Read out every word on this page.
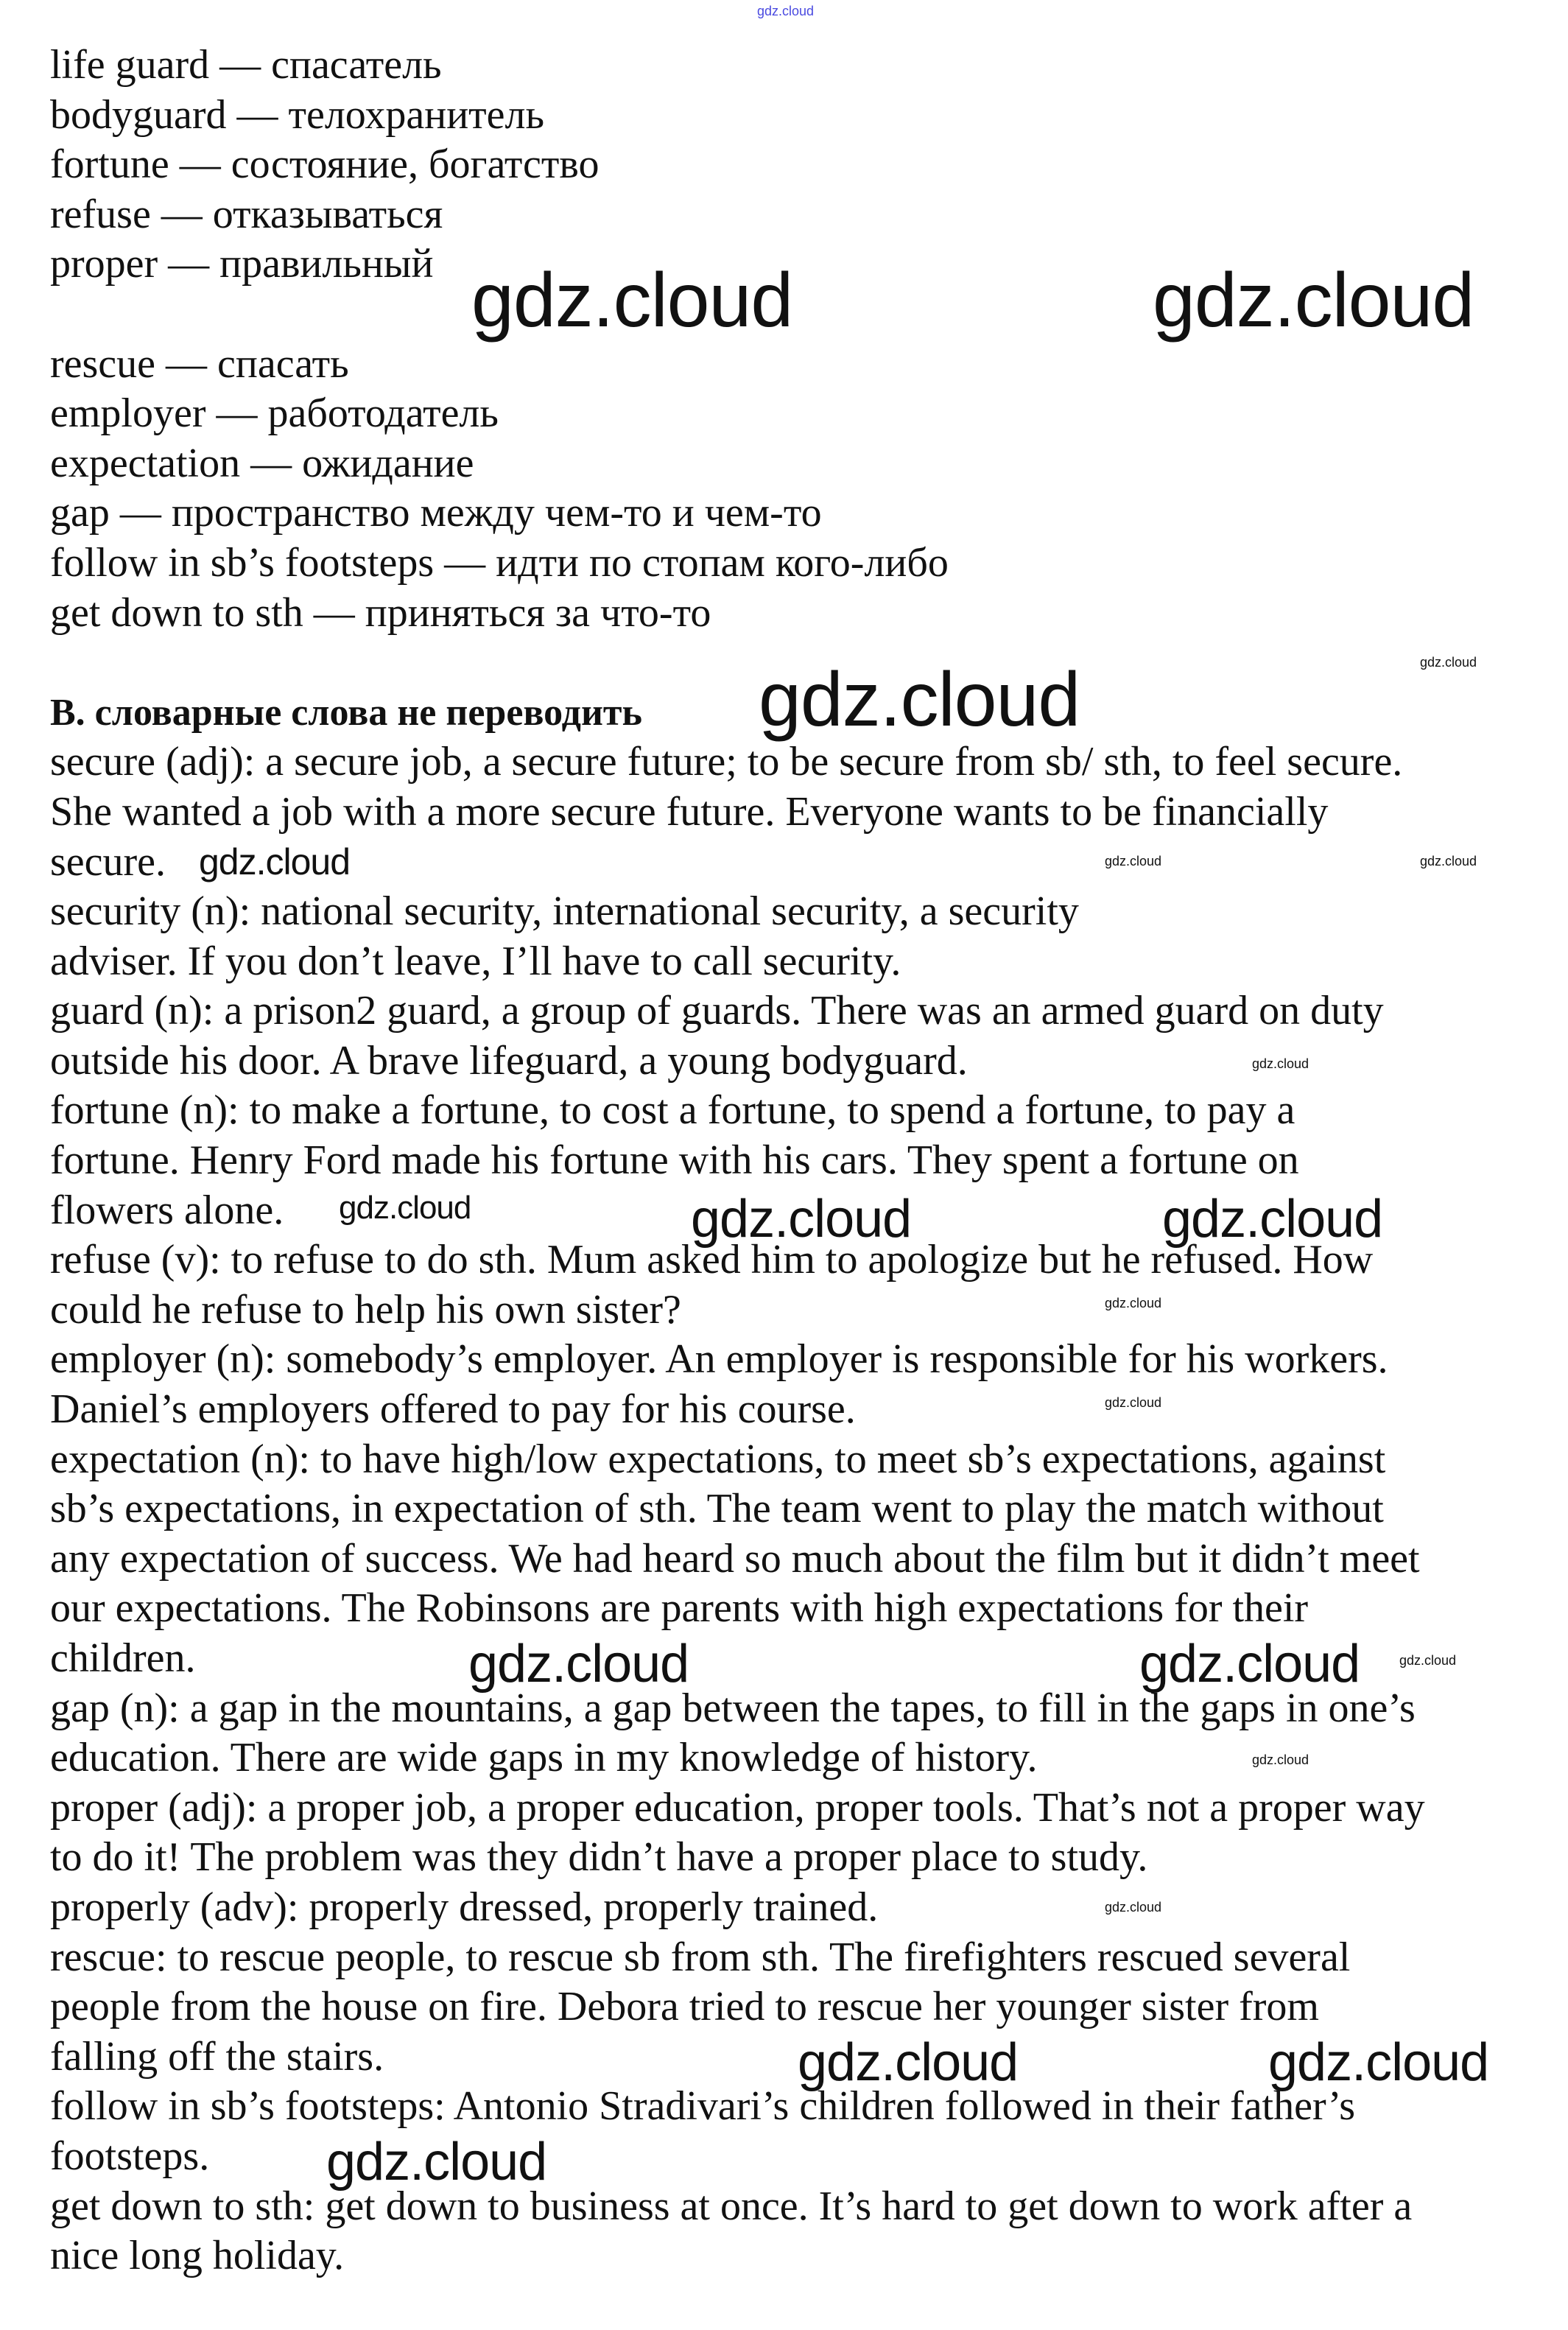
life guard — спасатель
bodyguard — телохранитель
fortune — состояние, богатство
refuse — отказываться
proper — правильный
rescue — спасать
employer — работодатель
expectation — ожидание
gap — пространство между чем-то и чем-то
follow in sb’s footsteps — идти по стопам кого-либо
get down to sth — приняться за что-то
B. словарные слова не переводить
secure (adj): a secure job, a secure future; to be secure from sb/ sth, to feel secure.
She wanted a job with a more secure future. Everyone wants to be financially
secure.
security (n): national security, international security, a security
adviser. If you don’t leave, I’ll have to call security.
guard (n): a prison2 guard, a group of guards. There was an armed guard on duty
outside his door. A brave lifeguard, a young bodyguard.
fortune (n): to make a fortune, to cost a fortune, to spend a fortune, to pay a
fortune. Henry Ford made his fortune with his cars. They spent a fortune on
flowers alone.
refuse (v): to refuse to do sth. Mum asked him to apologize but he refused. How
could he refuse to help his own sister?
employer (n): somebody’s employer. An employer is responsible for his workers.
Daniel’s employers offered to pay for his course.
expectation (n): to have high/low expectations, to meet sb’s expectations, against
sb’s expectations, in expectation of sth. The team went to play the match without
any expectation of success. We had heard so much about the film but it didn’t meet
our expectations. The Robinsons are parents with high expectations for their
children.
gap (n): a gap in the mountains, a gap between the tapes, to fill in the gaps in one’s
education. There are wide gaps in my knowledge of history.
proper (adj): a proper job, a proper education, proper tools. That’s not a proper way
to do it! The problem was they didn’t have a proper place to study.
properly (adv): properly dressed, properly trained.
rescue: to rescue people, to rescue sb from sth. The firefighters rescued several
people from the house on fire. Debora tried to rescue her younger sister from
falling off the stairs.
follow in sb’s footsteps: Antonio Stradivari’s children followed in their father’s
footsteps.
get down to sth: get down to business at once. It’s hard to get down to work after a
nice long holiday.
gdz.cloud
gdz.cloud	gdz.cloud
gdz.cloud
gdz.cloud
gdz.cloud	gdz.cloud	gdz.cloud
gdz.cloud	gdz.cloud
gdz.cloud	gdz.cloud
gdz.cloud
gdz.cloud
gdz.cloud
gdz.cloud
gdz.cloud
gdz.cloud
gdz.cloud
gdz.cloud
gdz.cloud
gdz.cloud
